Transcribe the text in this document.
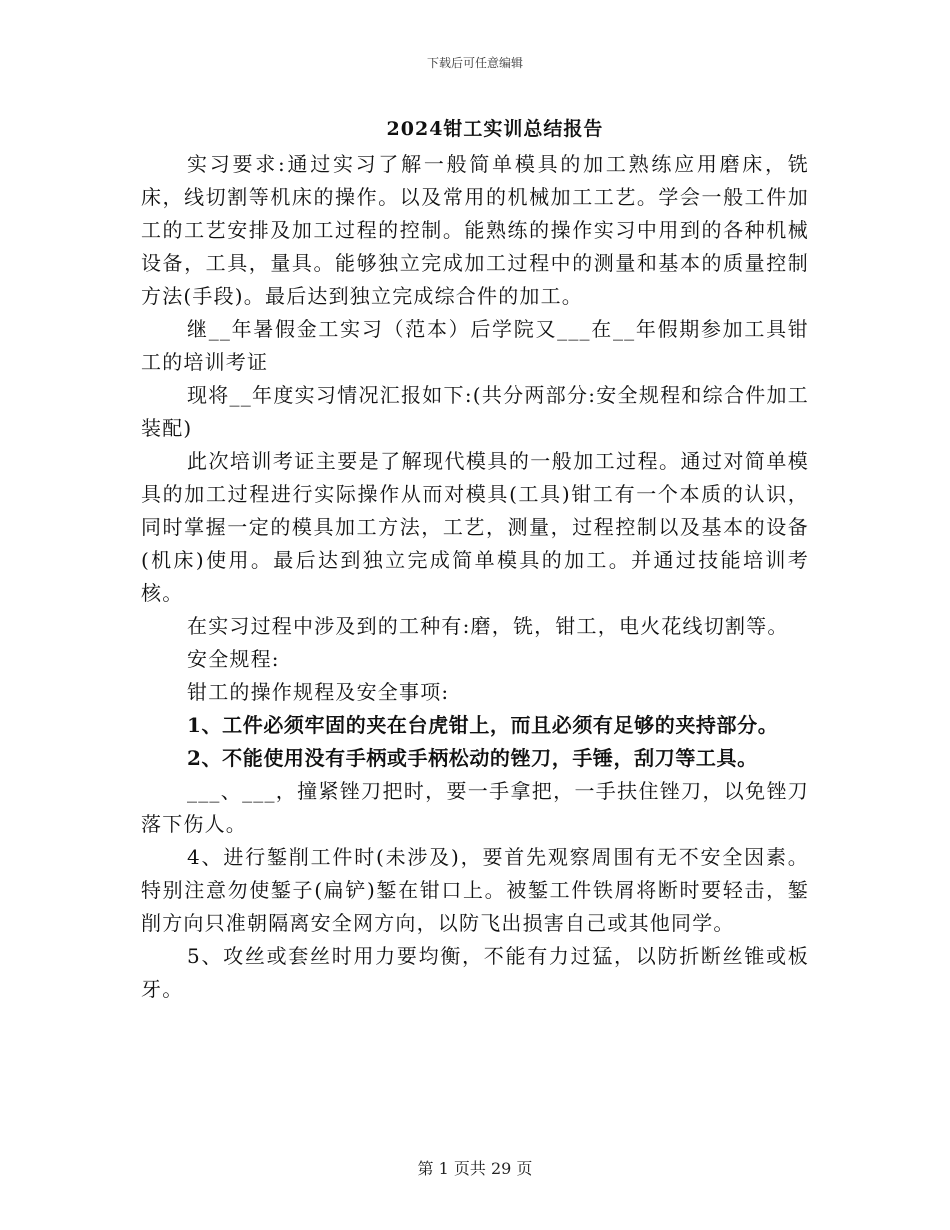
下载后可任意编辑
2024钳工实训总结报告

实习要求:通过实习了解一般简单模具的加工熟练应用磨床，铣床，线切割等机床的操作。以及常用的机械加工工艺。学会一般工件加工的工艺安排及加工过程的控制。能熟练的操作实习中用到的各种机械设备，工具，量具。能够独立完成加工过程中的测量和基本的质量控制方法(手段)。最后达到独立完成综合件的加工。

继__年暑假金工实习（范本）后学院又___在__年假期参加工具钳工的培训考证

现将__年度实习情况汇报如下:(共分两部分:安全规程和综合件加工装配)

此次培训考证主要是了解现代模具的一般加工过程。通过对简单模具的加工过程进行实际操作从而对模具(工具)钳工有一个本质的认识，同时掌握一定的模具加工方法，工艺，测量，过程控制以及基本的设备(机床)使用。最后达到独立完成简单模具的加工。并通过技能培训考核。

在实习过程中涉及到的工种有:磨，铣，钳工，电火花线切割等。

安全规程:

钳工的操作规程及安全事项:

1、工件必须牢固的夹在台虎钳上，而且必须有足够的夹持部分。

2、不能使用没有手柄或手柄松动的锉刀，手锤，刮刀等工具。

___、___，撞紧锉刀把时，要一手拿把，一手扶住锉刀，以免锉刀落下伤人。

4、进行錾削工件时(未涉及)，要首先观察周围有无不安全因素。特别注意勿使錾子(扁铲)錾在钳口上。被錾工件铁屑将断时要轻击，錾削方向只准朝隔离安全网方向，以防飞出损害自己或其他同学。

5、攻丝或套丝时用力要均衡，不能有力过猛，以防折断丝锥或板牙。

第 1 页共 29 页
